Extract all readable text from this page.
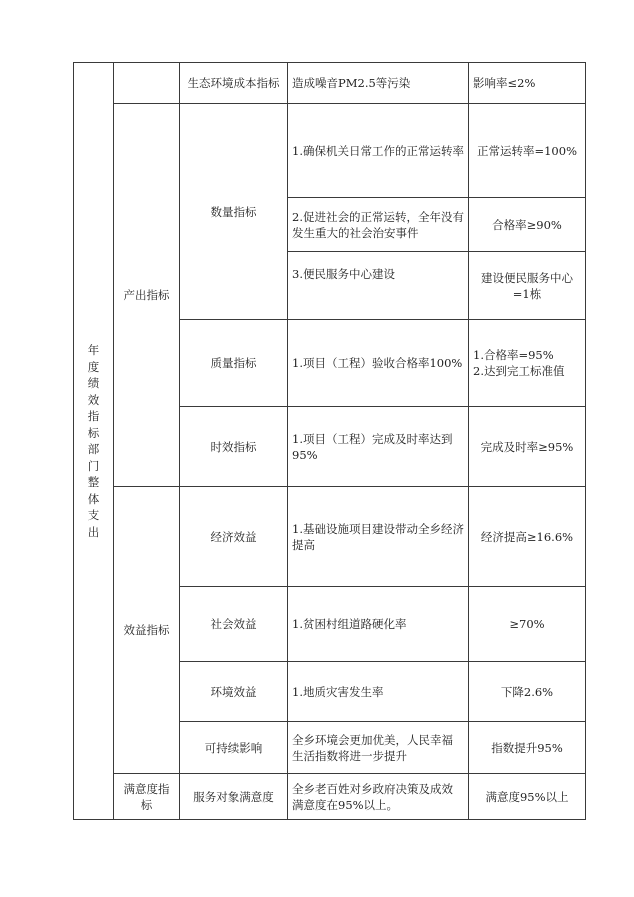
年度绩效指标部门整体支出		生态环境成本指标	造成噪音PM2.5等污染	影响率≤2%
	产出指标	数量指标	1.确保机关日常工作的正常运转率	正常运转率=100%
			2.促进社会的正常运转，全年没有发生重大的社会治安事件	合格率≥90%
			3.便民服务中心建设	建设便民服务中心=1栋
		质量指标	1.项目（工程）验收合格率100%	1.合格率=95%
2.达到完工标准值

		时效指标	1.项目（工程）完成及时率达到95%	完成及时率≥95%
	效益指标	经济效益	1.基础设施项目建设带动全乡经济提高	经济提高≥16.6%
		社会效益	1.贫困村组道路硬化率	≥70%
		环境效益	1.地质灾害发生率	下降2.6%
		可持续影响	全乡环境会更加优美，人民幸福生活指数将进一步提升	指数提升95%
	满意度指标	服务对象满意度	全乡老百姓对乡政府决策及成效满意度在95%以上。	满意度95%以上
